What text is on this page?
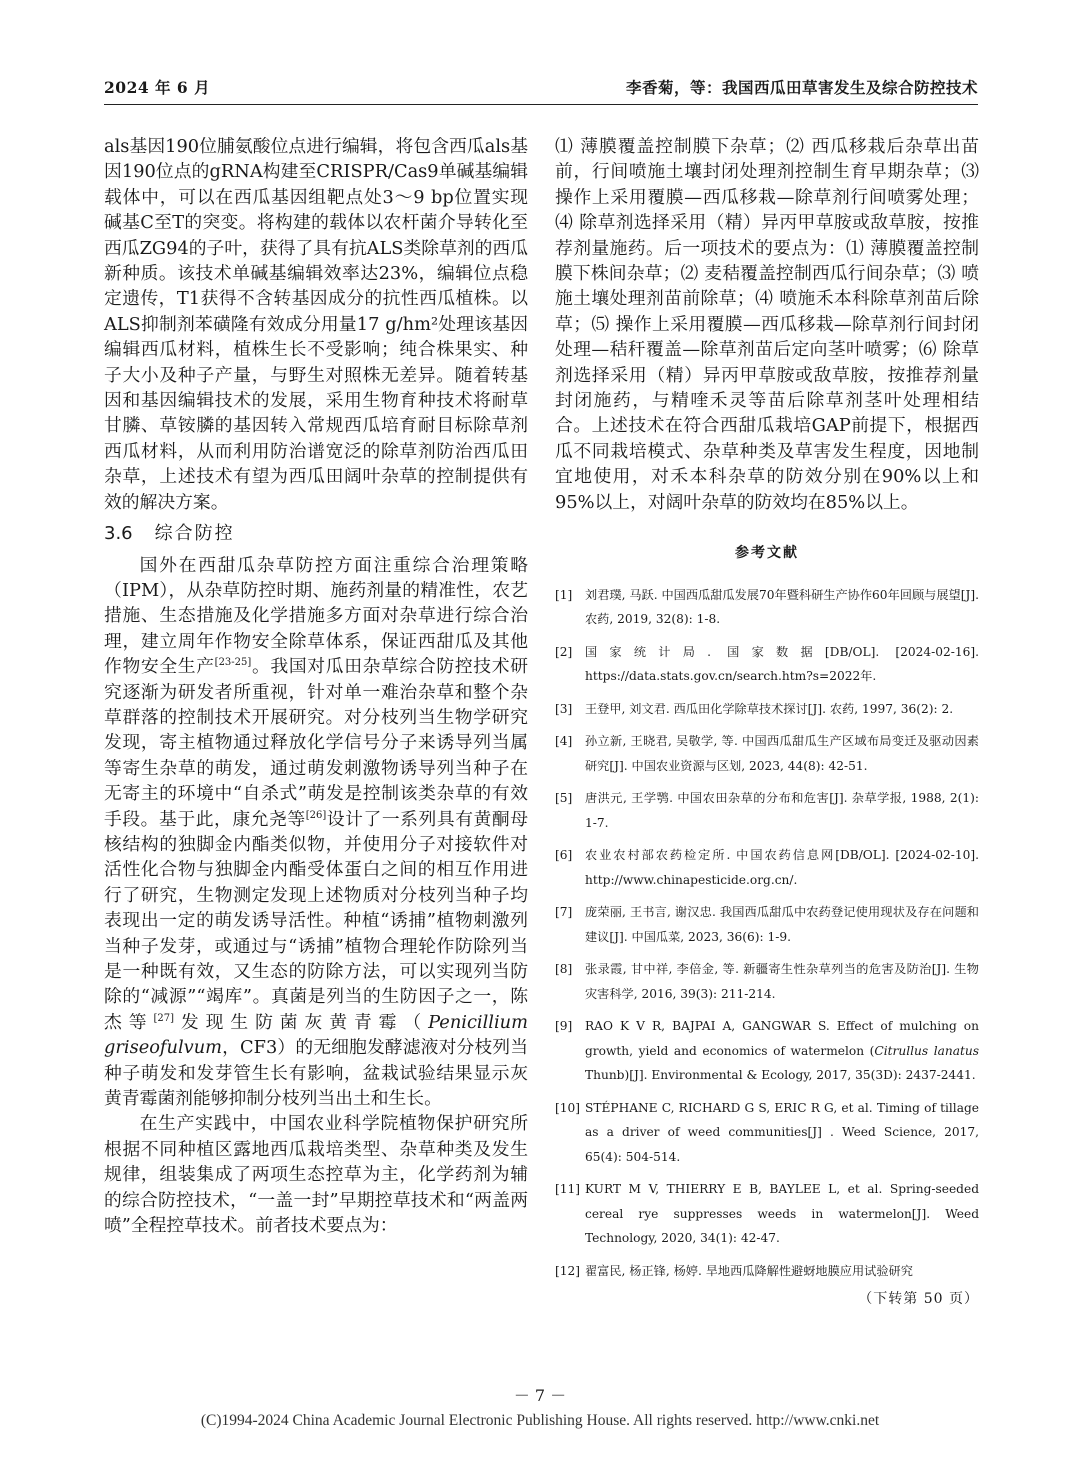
2024 年 6 月	李香菊，等：我国西瓜田草害发生及综合防控技术

als基因190位脯氨酸位点进行编辑，将包含西瓜als基因190位点的gRNA构建至CRISPR/Cas9单碱基编辑载体中，可以在西瓜基因组靶点处3～9 bp位置实现碱基C至T的突变。将构建的载体以农杆菌介导转化至西瓜ZG94的子叶，获得了具有抗ALS类除草剂的西瓜新种质。该技术单碱基编辑效率达23%，编辑位点稳定遗传，T1获得不含转基因成分的抗性西瓜植株。以ALS抑制剂苯磺隆有效成分用量17 g/hm²处理该基因编辑西瓜材料，植株生长不受影响；纯合株果实、种子大小及种子产量，与野生对照株无差异。随着转基因和基因编辑技术的发展，采用生物育种技术将耐草甘膦、草铵膦的基因转入常规西瓜培育耐目标除草剂西瓜材料，从而利用防治谱宽泛的除草剂防治西瓜田杂草，上述技术有望为西瓜田阔叶杂草的控制提供有效的解决方案。

3.6 综合防控

国外在西甜瓜杂草防控方面注重综合治理策略（IPM），从杂草防控时期、施药剂量的精准性，农艺措施、生态措施及化学措施多方面对杂草进行综合治理，建立周年作物安全除草体系，保证西甜瓜及其他作物安全生产[23-25]。我国对瓜田杂草综合防控技术研究逐渐为研发者所重视，针对单一难治杂草和整个杂草群落的控制技术开展研究。对分枝列当生物学研究发现，寄主植物通过释放化学信号分子来诱导列当属等寄生杂草的萌发，通过萌发刺激物诱导列当种子在无寄主的环境中“自杀式”萌发是控制该类杂草的有效手段。基于此，康允尧等[26]设计了一系列具有黄酮母核结构的独脚金内酯类似物，并使用分子对接软件对活性化合物与独脚金内酯受体蛋白之间的相互作用进行了研究，生物测定发现上述物质对分枝列当种子均表现出一定的萌发诱导活性。种植“诱捕”植物刺激列当种子发芽，或通过与“诱捕”植物合理轮作防除列当是一种既有效，又生态的防除方法，可以实现列当防除的“减源”“竭库”。真菌是列当的生防因子之一，陈杰等[27]发现生防菌灰黄青霉（Penicillium griseofulvum，CF3）的无细胞发酵滤液对分枝列当种子萌发和发芽管生长有影响，盆栽试验结果显示灰黄青霉菌剂能够抑制分枝列当出土和生长。

在生产实践中，中国农业科学院植物保护研究所根据不同种植区露地西瓜栽培类型、杂草种类及发生规律，组装集成了两项生态控草为主，化学药剂为辅的综合防控技术，“一盖一封”早期控草技术和“两盖两喷”全程控草技术。前者技术要点为：

⑴ 薄膜覆盖控制膜下杂草；⑵ 西瓜移栽后杂草出苗前，行间喷施土壤封闭处理剂控制生育早期杂草；⑶ 操作上采用覆膜—西瓜移栽—除草剂行间喷雾处理；⑷ 除草剂选择采用（精）异丙甲草胺或敌草胺，按推荐剂量施药。后一项技术的要点为：⑴ 薄膜覆盖控制膜下株间杂草；⑵ 麦秸覆盖控制西瓜行间杂草；⑶ 喷施土壤处理剂苗前除草；⑷ 喷施禾本科除草剂苗后除草；⑸ 操作上采用覆膜—西瓜移栽—除草剂行间封闭处理—秸秆覆盖—除草剂苗后定向茎叶喷雾；⑹ 除草剂选择采用（精）异丙甲草胺或敌草胺，按推荐剂量封闭施药，与精喹禾灵等苗后除草剂茎叶处理相结合。上述技术在符合西甜瓜栽培GAP前提下，根据西瓜不同栽培模式、杂草种类及草害发生程度，因地制宜地使用，对禾本科杂草的防效分别在90%以上和95%以上，对阔叶杂草的防效均在85%以上。

参考文献
[1]	刘君璞, 马跃. 中国西瓜甜瓜发展70年暨科研生产协作60年回顾与展望[J]. 农药, 2019, 32(8): 1-8.
[2]	国家统计局. 国家数据[DB/OL]. [2024-02-16]. https://data.stats.gov.cn/search.htm?s=2022年.
[3]	王登甲, 刘文君. 西瓜田化学除草技术探讨[J]. 农药, 1997, 36(2): 2.
[4]	孙立新, 王晓君, 吴敬学, 等. 中国西瓜甜瓜生产区域布局变迁及驱动因素研究[J]. 中国农业资源与区划, 2023, 44(8): 42-51.
[5]	唐洪元, 王学鹗. 中国农田杂草的分布和危害[J]. 杂草学报, 1988, 2(1): 1-7.
[6]	农业农村部农药检定所. 中国农药信息网[DB/OL]. [2024-02-10]. http://www.chinapesticide.org.cn/.
[7]	庞荣丽, 王书言, 谢汉忠. 我国西瓜甜瓜中农药登记使用现状及存在问题和建议[J]. 中国瓜菜, 2023, 36(6): 1-9.
[8]	张录霞, 甘中祥, 李倍金, 等. 新疆寄生性杂草列当的危害及防治[J]. 生物灾害科学, 2016, 39(3): 211-214.
[9]	RAO K V R, BAJPAI A, GANGWAR S. Effect of mulching on growth, yield and economics of watermelon (Citrullus lanatus Thunb)[J]. Environmental & Ecology, 2017, 35(3D): 2437-2441.
[10] STÉPHANE C, RICHARD G S, ERIC R G, et al. Timing of tillage as a driver of weed communities[J] . Weed Science, 2017, 65(4): 504-514.
[11] KURT M V, THIERRY E B, BAYLEE L, et al. Spring-seeded cereal rye suppresses weeds in watermelon[J]. Weed Technology, 2020, 34(1): 42-47.
[12] 翟富民, 杨正锋, 杨婷. 旱地西瓜降解性避蚜地膜应用试验研究
（下转第 50 页）
－ 7 －
(C)1994-2024 China Academic Journal Electronic Publishing House. All rights reserved. http://www.cnki.net
